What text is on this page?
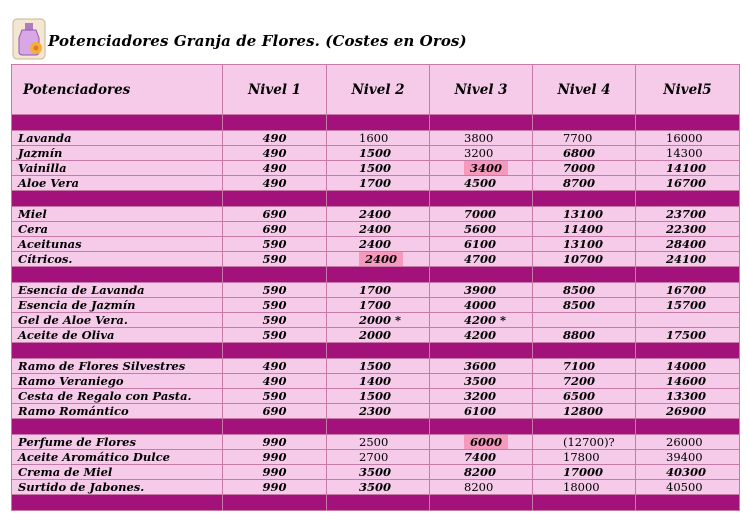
Potenciadores Granja de Flores. (Costes en Oros)
Potenciadores	Nivel 1	Nivel 2	Nivel 3	Nivel 4	Nivel5

Lavanda	490	1600	3800	7700	16000
Jazmín	490	1500	3200	6800	14300
Vainilla	490	1500	3400	7000	14100
Aloe Vera	490	1700	4500	8700	16700

Miel	690	2400	7000	13100	23700
Cera	690	2400	5600	11400	22300
Aceitunas	590	2400	6100	13100	28400
Cítricos.	590	2400	4700	10700	24100

Esencia de Lavanda	590	1700	3900	8500	16700
Esencia de Jazmín	590	1700	4000	8500	15700
Gel de Aloe Vera.	590	2000 *	4200 *		
Aceite de Oliva	590	2000	4200	8800	17500

Ramo de Flores Silvestres	490	1500	3600	7100	14000
Ramo Veraniego	490	1400	3500	7200	14600
Cesta de Regalo con Pasta.	590	1500	3200	6500	13300
Ramo Romántico	690	2300	6100	12800	26900

Perfume de Flores	990	2500	6000	(12700)?	26000
Aceite Aromático Dulce	990	2700	7400	17800	39400
Crema de Miel	990	3500	8200	17000	40300
Surtido de Jabones.	990	3500	8200	18000	40500
